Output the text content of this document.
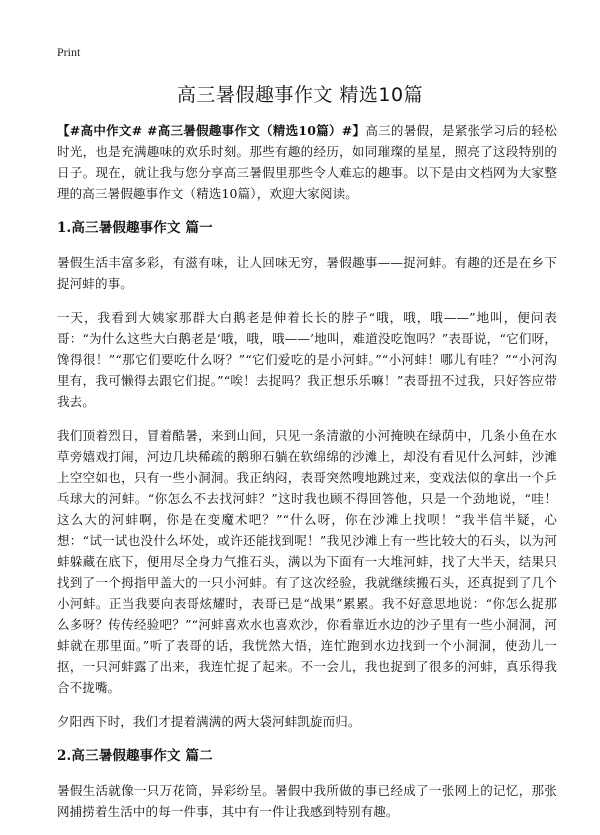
Print
高三暑假趣事作文 精选10篇

【#高中作文# #高三暑假趣事作文（精选10篇）#】高三的暑假，是紧张学习后的轻松时光，也是充满趣味的欢乐时刻。那些有趣的经历，如同璀璨的星星，照亮了这段特别的日子。现在，就让我与您分享高三暑假里那些令人难忘的趣事。以下是由文档网为大家整理的高三暑假趣事作文（精选10篇），欢迎大家阅读。

1.高三暑假趣事作文 篇一

暑假生活丰富多彩，有滋有味，让人回味无穷，暑假趣事——捉河蚌。有趣的还是在乡下捉河蚌的事。

一天，我看到大姨家那群大白鹅老是伸着长长的脖子“哦，哦，哦——”地叫，便问表哥：“为什么这些大白鹅老是‘哦，哦，哦——’地叫，难道没吃饱吗？”表哥说，“它们呀，馋得很！”“那它们要吃什么呀？”“它们爱吃的是小河蚌。”“小河蚌！哪儿有哇？”“小河沟里有，我可懒得去跟它们捉。”“唉！去捉吗？我正想乐乐嘛！”表哥扭不过我，只好答应带我去。

我们顶着烈日，冒着酷暑，来到山间，只见一条清澈的小河掩映在绿荫中，几条小鱼在水草旁嬉戏打闹，河边几块稀疏的鹅卵石躺在软绵绵的沙滩上，却没有看见什么河蚌，沙滩上空空如也，只有一些小洞洞。我正纳闷，表哥突然嗖地跳过来，变戏法似的拿出一个乒乓球大的河蚌。“你怎么不去找河蚌？”这时我也顾不得回答他，只是一个劲地说，“哇！这么大的河蚌啊，你是在变魔术吧？”“什么呀，你在沙滩上找呗！”我半信半疑，心想：“试一试也没什么坏处，或许还能找到呢！”我见沙滩上有一些比较大的石头，以为河蚌躲藏在底下，便用尽全身力气推石头，满以为下面有一大堆河蚌，找了大半天，结果只找到了一个拇指甲盖大的一只小河蚌。有了这次经验，我就继续搬石头，还真捉到了几个小河蚌。正当我要向表哥炫耀时，表哥已是“战果”累累。我不好意思地说：“你怎么捉那么多呀？传传经验吧？”“河蚌喜欢水也喜欢沙，你看靠近水边的沙子里有一些小洞洞，河蚌就在那里面。”听了表哥的话，我恍然大悟，连忙跑到水边找到一个小洞洞，使劲儿一抠，一只河蚌露了出来，我连忙捉了起来。不一会儿，我也捉到了很多的河蚌，真乐得我合不拢嘴。

夕阳西下时，我们才提着满满的两大袋河蚌凯旋而归。

2.高三暑假趣事作文 篇二

暑假生活就像一只万花筒，异彩纷呈。暑假中我所做的事已经成了一张网上的记忆，那张网捕捞着生活中的每一件事，其中有一件让我感到特别有趣。
